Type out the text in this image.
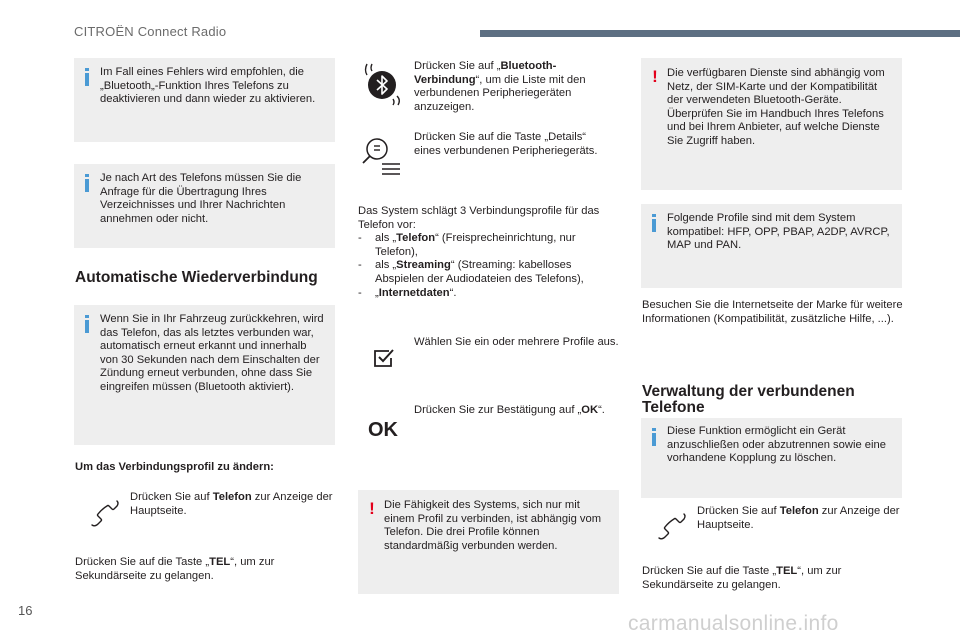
CITROËN Connect Radio
Im Fall eines Fehlers wird empfohlen, die „Bluetooth„-Funktion Ihres Telefons zu deaktivieren und dann wieder zu aktivieren.
Je nach Art des Telefons müssen Sie die Anfrage für die Übertragung Ihres Verzeichnisses und Ihrer Nachrichten annehmen oder nicht.
Automatische Wiederverbindung
Wenn Sie in Ihr Fahrzeug zurückkehren, wird das Telefon, das als letztes verbunden war, automatisch erneut erkannt und innerhalb von 30 Sekunden nach dem Einschalten der Zündung erneut verbunden, ohne dass Sie eingreifen müssen (Bluetooth aktiviert).
Um das Verbindungsprofil zu ändern:
Drücken Sie auf Telefon zur Anzeige der Hauptseite.
Drücken Sie auf die Taste „TEL“, um zur Sekundärseite zu gelangen.
Drücken Sie auf „Bluetooth-Verbindung“, um die Liste mit den verbundenen Peripheriegeräten anzuzeigen.
Drücken Sie auf die Taste „Details“ eines verbundenen Peripheriegeräts.
Das System schlägt 3 Verbindungsprofile für das Telefon vor:
- als „Telefon“ (Freisprecheinrichtung, nur Telefon),
- als „Streaming“ (Streaming: kabelloses Abspielen der Audiodateien des Telefons),
- „Internetdaten“.
Wählen Sie ein oder mehrere Profile aus.
OK
Drücken Sie zur Bestätigung auf „OK“.
! Die Fähigkeit des Systems, sich nur mit einem Profil zu verbinden, ist abhängig vom Telefon. Die drei Profile können standardmäßig verbunden werden.
! Die verfügbaren Dienste sind abhängig vom Netz, der SIM-Karte und der Kompatibilität der verwendeten Bluetooth-Geräte. Überprüfen Sie im Handbuch Ihres Telefons und bei Ihrem Anbieter, auf welche Dienste Sie Zugriff haben.
Folgende Profile sind mit dem System kompatibel: HFP, OPP, PBAP, A2DP, AVRCP, MAP und PAN.
Besuchen Sie die Internetseite der Marke für weitere Informationen (Kompatibilität, zusätzliche Hilfe, ...).
Verwaltung der verbundenen Telefone
Diese Funktion ermöglicht ein Gerät anzuschließen oder abzutrennen sowie eine vorhandene Kopplung zu löschen.
Drücken Sie auf Telefon zur Anzeige der Hauptseite.
Drücken Sie auf die Taste „TEL“, um zur Sekundärseite zu gelangen.
16
carmanualsonline.info
